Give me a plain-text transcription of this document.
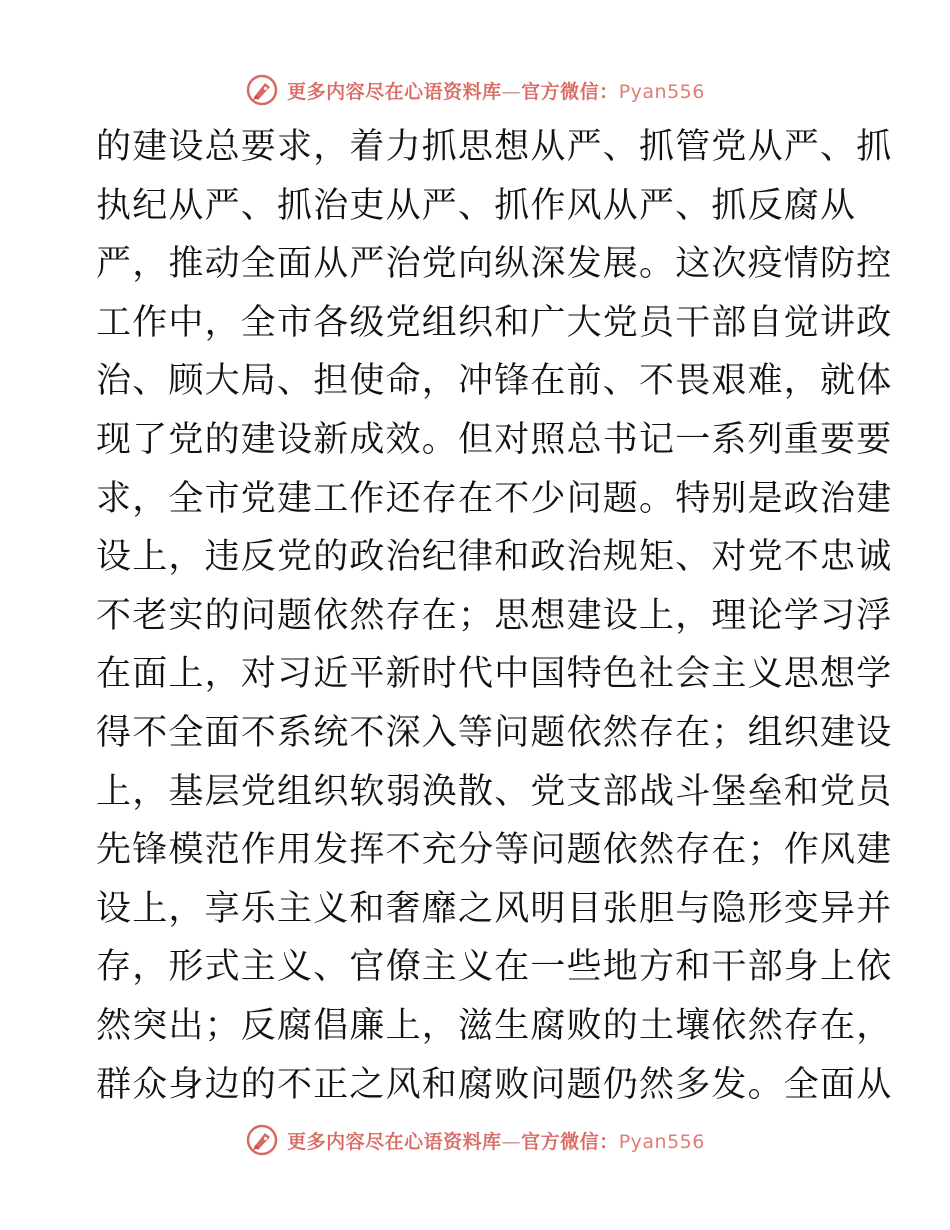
更多内容尽在心语资料库—官方微信：Pyan556
的建设总要求，着力抓思想从严、抓管党从严、抓
执纪从严、抓治吏从严、抓作风从严、抓反腐从
严，推动全面从严治党向纵深发展。这次疫情防控
工作中，全市各级党组织和广大党员干部自觉讲政
治、顾大局、担使命，冲锋在前、不畏艰难，就体
现了党的建设新成效。但对照总书记一系列重要要
求，全市党建工作还存在不少问题。特别是政治建
设上，违反党的政治纪律和政治规矩、对党不忠诚
不老实的问题依然存在；思想建设上，理论学习浮
在面上，对习近平新时代中国特色社会主义思想学
得不全面不系统不深入等问题依然存在；组织建设
上，基层党组织软弱涣散、党支部战斗堡垒和党员
先锋模范作用发挥不充分等问题依然存在；作风建
设上，享乐主义和奢靡之风明目张胆与隐形变异并
存，形式主义、官僚主义在一些地方和干部身上依
然突出；反腐倡廉上，滋生腐败的土壤依然存在，
群众身边的不正之风和腐败问题仍然多发。全面从
更多内容尽在心语资料库—官方微信：Pyan556
